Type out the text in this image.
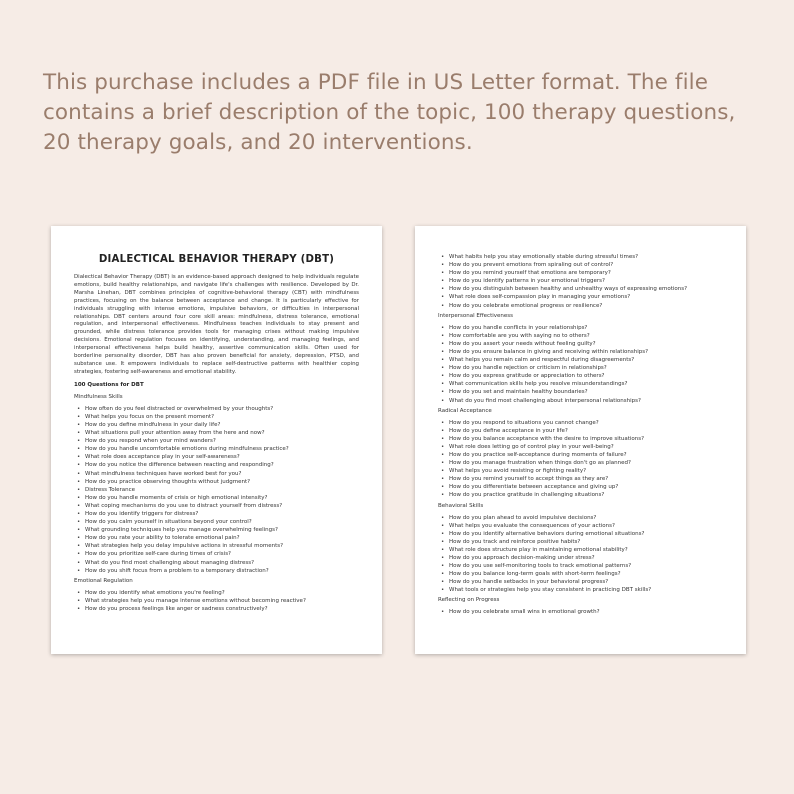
This purchase includes a PDF file in US Letter format. The file contains a brief description of the topic, 100 therapy questions, 20 therapy goals, and 20 interventions.
DIALECTICAL BEHAVIOR THERAPY (DBT)
Dialectical Behavior Therapy (DBT) is an evidence-based approach designed to help individuals regulate emotions, build healthy relationships, and navigate life's challenges with resilience. Developed by Dr. Marsha Linehan, DBT combines principles of cognitive-behavioral therapy (CBT) with mindfulness practices, focusing on the balance between acceptance and change. It is particularly effective for individuals struggling with intense emotions, impulsive behaviors, or difficulties in interpersonal relationships. DBT centers around four core skill areas: mindfulness, distress tolerance, emotional regulation, and interpersonal effectiveness. Mindfulness teaches individuals to stay present and grounded, while distress tolerance provides tools for managing crises without making impulsive decisions. Emotional regulation focuses on identifying, understanding, and managing feelings, and interpersonal effectiveness helps build healthy, assertive communication skills. Often used for borderline personality disorder, DBT has also proven beneficial for anxiety, depression, PTSD, and substance use. It empowers individuals to replace self-destructive patterns with healthier coping strategies, fostering self-awareness and emotional stability.
100 Questions for DBT
Mindfulness Skills
• How often do you feel distracted or overwhelmed by your thoughts?
• What helps you focus on the present moment?
• How do you define mindfulness in your daily life?
• What situations pull your attention away from the here and now?
• How do you respond when your mind wanders?
• How do you handle uncomfortable emotions during mindfulness practice?
• What role does acceptance play in your self-awareness?
• How do you notice the difference between reacting and responding?
• What mindfulness techniques have worked best for you?
• How do you practice observing thoughts without judgment?
• Distress Tolerance
• How do you handle moments of crisis or high emotional intensity?
• What coping mechanisms do you use to distract yourself from distress?
• How do you identify triggers for distress?
• How do you calm yourself in situations beyond your control?
• What grounding techniques help you manage overwhelming feelings?
• How do you rate your ability to tolerate emotional pain?
• What strategies help you delay impulsive actions in stressful moments?
• How do you prioritize self-care during times of crisis?
• What do you find most challenging about managing distress?
• How do you shift focus from a problem to a temporary distraction?
Emotional Regulation
• How do you identify what emotions you're feeling?
• What strategies help you manage intense emotions without becoming reactive?
• How do you process feelings like anger or sadness constructively?
• What habits help you stay emotionally stable during stressful times?
• How do you prevent emotions from spiraling out of control?
• How do you remind yourself that emotions are temporary?
• How do you identify patterns in your emotional triggers?
• How do you distinguish between healthy and unhealthy ways of expressing emotions?
• What role does self-compassion play in managing your emotions?
• How do you celebrate emotional progress or resilience?
Interpersonal Effectiveness
• How do you handle conflicts in your relationships?
• How comfortable are you with saying no to others?
• How do you assert your needs without feeling guilty?
• How do you ensure balance in giving and receiving within relationships?
• What helps you remain calm and respectful during disagreements?
• How do you handle rejection or criticism in relationships?
• How do you express gratitude or appreciation to others?
• What communication skills help you resolve misunderstandings?
• How do you set and maintain healthy boundaries?
• What do you find most challenging about interpersonal relationships?
Radical Acceptance
• How do you respond to situations you cannot change?
• How do you define acceptance in your life?
• How do you balance acceptance with the desire to improve situations?
• What role does letting go of control play in your well-being?
• How do you practice self-acceptance during moments of failure?
• How do you manage frustration when things don't go as planned?
• What helps you avoid resisting or fighting reality?
• How do you remind yourself to accept things as they are?
• How do you differentiate between acceptance and giving up?
• How do you practice gratitude in challenging situations?
Behavioral Skills
• How do you plan ahead to avoid impulsive decisions?
• What helps you evaluate the consequences of your actions?
• How do you identify alternative behaviors during emotional situations?
• How do you track and reinforce positive habits?
• What role does structure play in maintaining emotional stability?
• How do you approach decision-making under stress?
• How do you use self-monitoring tools to track emotional patterns?
• How do you balance long-term goals with short-term feelings?
• How do you handle setbacks in your behavioral progress?
• What tools or strategies help you stay consistent in practicing DBT skills?
Reflecting on Progress
• How do you celebrate small wins in emotional growth?
